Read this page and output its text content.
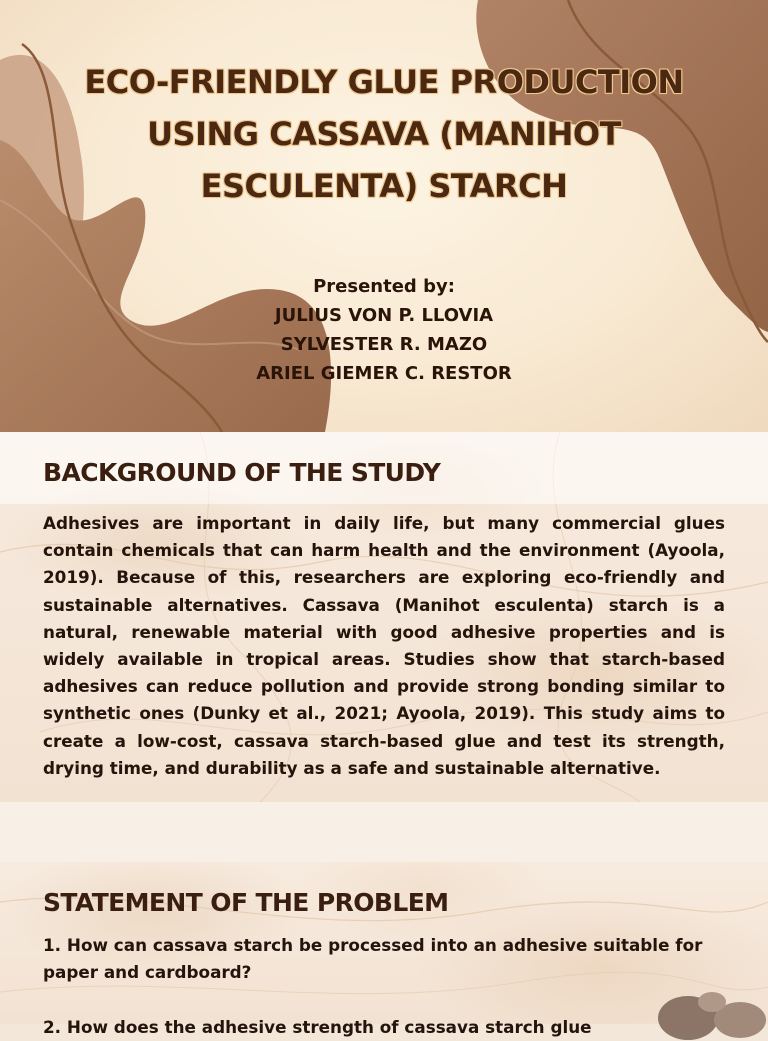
ECO-FRIENDLY GLUE PRODUCTION
USING CASSAVA (MANIHOT
ESCULENTA) STARCH
Presented by:
JULIUS VON P. LLOVIA
SYLVESTER R. MAZO
ARIEL GIEMER C. RESTOR
BACKGROUND OF THE STUDY

Adhesives are important in daily life, but many commercial glues contain chemicals that can harm health and the environment (Ayoola, 2019). Because of this, researchers are exploring eco-friendly and sustainable alternatives. Cassava (Manihot esculenta) starch is a natural, renewable material with good adhesive properties and is widely available in tropical areas. Studies show that starch-based adhesives can reduce pollution and provide strong bonding similar to synthetic ones (Dunky et al., 2021; Ayoola, 2019). This study aims to create a low-cost, cassava starch-based glue and test its strength, drying time, and durability as a safe and sustainable alternative.

STATEMENT OF THE PROBLEM

1. How can cassava starch be processed into an adhesive suitable for paper and cardboard?

2. How does the adhesive strength of cassava starch glue
